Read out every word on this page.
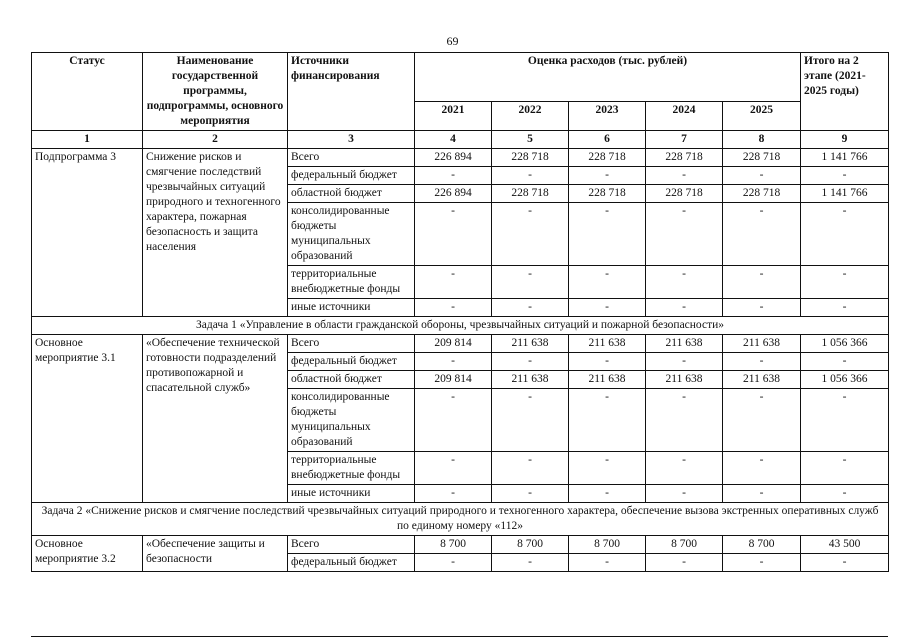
69
Статус	Наименование государственной программы, подпрограммы, основного мероприятия	Источники финансирования	Оценка расходов (тыс. рублей)					Итого на 2 этапе (2021-2025 годы)
			2021	2022	2023	2024	2025	
1	2	3	4	5	6	7	8	9
Подпрограмма 3	Снижение рисков и смягчение последствий чрезвычайных ситуаций природного и техногенного характера, пожарная безопасность и защита населения	Всего	226 894	228 718	228 718	228 718	228 718	1 141 766
		федеральный бюджет	-	-	-	-	-	-
		областной бюджет	226 894	228 718	228 718	228 718	228 718	1 141 766
		консолидированные бюджеты муниципальных образований	-	-	-	-	-	-
		территориальные внебюджетные фонды	-	-	-	-	-	-
		иные источники	-	-	-	-	-	-
Задача 1 «Управление в области гражданской обороны, чрезвычайных ситуаций и пожарной безопасности»								
Основное мероприятие 3.1	«Обеспечение технической готовности подразделений противопожарной и спасательной служб»	Всего	209 814	211 638	211 638	211 638	211 638	1 056 366
		федеральный бюджет	-	-	-	-	-	-
		областной бюджет	209 814	211 638	211 638	211 638	211 638	1 056 366
		консолидированные бюджеты муниципальных образований	-	-	-	-	-	-
		территориальные внебюджетные фонды	-	-	-	-	-	-
		иные источники	-	-	-	-	-	-
Задача 2 «Снижение рисков и смягчение последствий чрезвычайных ситуаций природного и техногенного характера, обеспечение вызова экстренных оперативных служб по единому номеру «112»								
Основное мероприятие 3.2	«Обеспечение защиты и безопасности	Всего	8 700	8 700	8 700	8 700	8 700	43 500
		федеральный бюджет	-	-	-	-	-	-
